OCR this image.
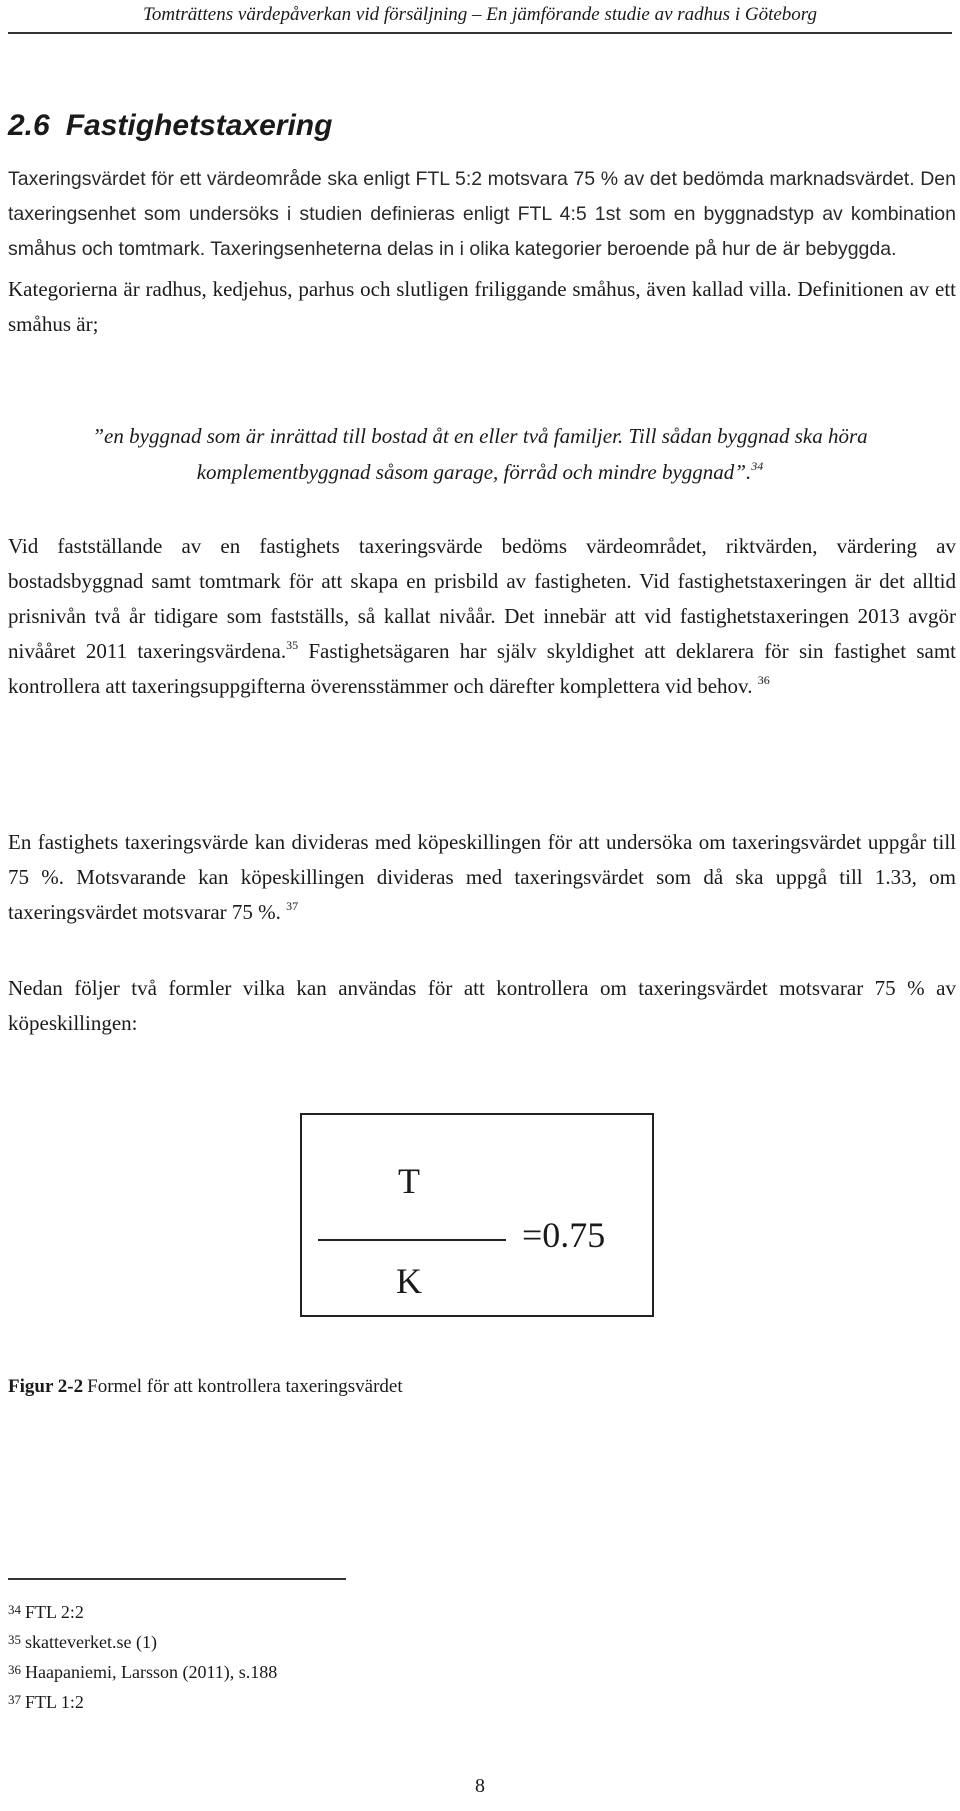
Tomträttens värdepåverkan vid försäljning – En jämförande studie av radhus i Göteborg
2.6 Fastighetstaxering

Taxeringsvärdet för ett värdeområde ska enligt FTL 5:2 motsvara 75 % av det bedömda marknadsvärdet. Den taxeringsenhet som undersöks i studien definieras enligt FTL 4:5 1st som en byggnadstyp av kombination småhus och tomtmark. Taxeringsenheterna delas in i olika kategorier beroende på hur de är bebyggda.

Kategorierna är radhus, kedjehus, parhus och slutligen friliggande småhus, även kallad villa. Definitionen av ett småhus är;

”en byggnad som är inrättad till bostad åt en eller två familjer. Till sådan byggnad ska höra komplementbyggnad såsom garage, förråd och mindre byggnad”.$^{34}$

Vid fastställande av en fastighets taxeringsvärde bedöms värdeområdet, riktvärden, värdering av bostadsbyggnad samt tomtmark för att skapa en prisbild av fastigheten. Vid fastighetstaxeringen är det alltid prisnivån två år tidigare som fastställs, så kallat nivåår. Det innebär att vid fastighetstaxeringen 2013 avgör nivååret 2011 taxeringsvärdena.$^{35}$ Fastighetsägaren har själv skyldighet att deklarera för sin fastighet samt kontrollera att taxeringsuppgifterna överensstämmer och därefter komplettera vid behov. $^{36}$

En fastighets taxeringsvärde kan divideras med köpeskillingen för att undersöka om taxeringsvärdet uppgår till 75 %. Motsvarande kan köpeskillingen divideras med taxeringsvärdet som då ska uppgå till 1.33, om taxeringsvärdet motsvarar 75 %. $^{37}$

Nedan följer två formler vilka kan användas för att kontrollera om taxeringsvärdet motsvarar 75 % av köpeskillingen:

T
=0.75
K
Figur 2-2 Formel för att kontrollera taxeringsvärdet
$^{34}$ FTL 2:2
$^{35}$ skatteverket.se (1)
$^{36}$ Haapaniemi, Larsson (2011), s.188
$^{37}$ FTL 1:2
8
